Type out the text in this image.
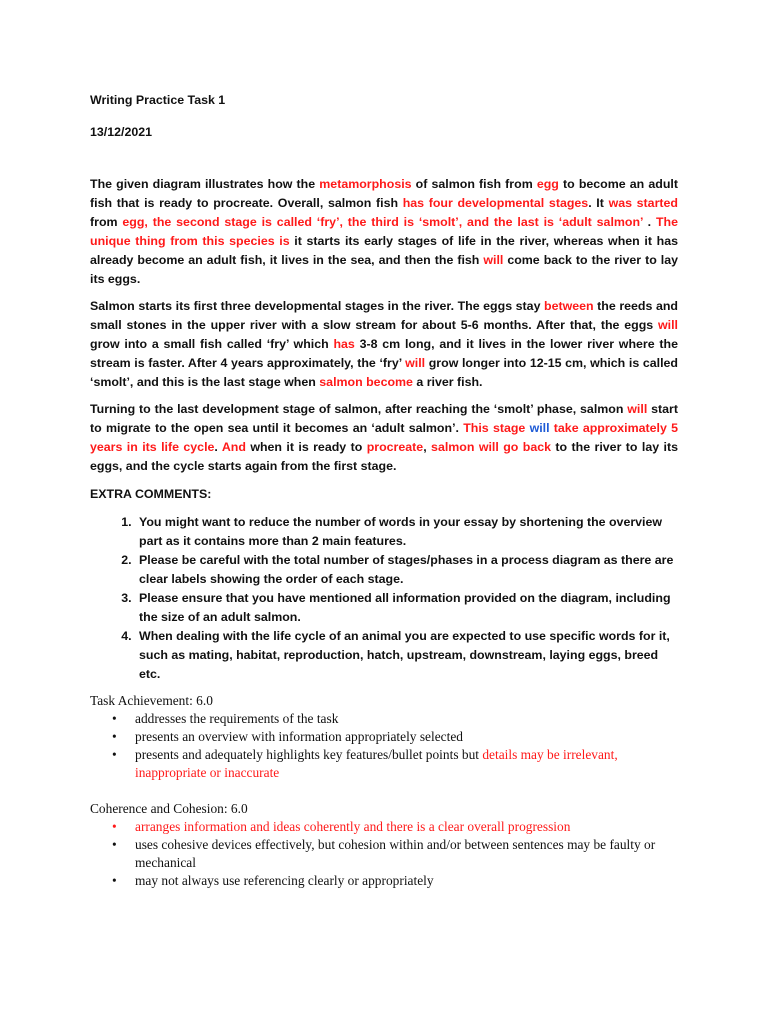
Writing Practice Task 1

13/12/2021

The given diagram illustrates how the metamorphosis of salmon fish from egg to become an adult fish that is ready to procreate. Overall, salmon fish has four developmental stages. It was started from egg, the second stage is called ‘fry’, the third is ‘smolt’, and the last is ‘adult salmon’ . The unique thing from this species is it starts its early stages of life in the river, whereas when it has already become an adult fish, it lives in the sea, and then the fish will come back to the river to lay its eggs.

Salmon starts its first three developmental stages in the river. The eggs stay between the reeds and small stones in the upper river with a slow stream for about 5-6 months. After that, the eggs will grow into a small fish called ‘fry’ which has 3-8 cm long, and it lives in the lower river where the stream is faster. After 4 years approximately, the ‘fry’ will grow longer into 12-15 cm, which is called ‘smolt’, and this is the last stage when salmon become a river fish.

Turning to the last development stage of salmon, after reaching the ‘smolt’ phase, salmon will start to migrate to the open sea until it becomes an ‘adult salmon’. This stage will take approximately 5 years in its life cycle. And when it is ready to procreate, salmon will go back to the river to lay its eggs, and the cycle starts again from the first stage.

EXTRA COMMENTS:

1. You might want to reduce the number of words in your essay by shortening the overview part as it contains more than 2 main features.
2. Please be careful with the total number of stages/phases in a process diagram as there are clear labels showing the order of each stage.
3. Please ensure that you have mentioned all information provided on the diagram, including the size of an adult salmon.
4. When dealing with the life cycle of an animal you are expected to use specific words for it, such as mating, habitat, reproduction, hatch, upstream, downstream, laying eggs, breed etc.

Task Achievement: 6.0

• addresses the requirements of the task
• presents an overview with information appropriately selected
• presents and adequately highlights key features/bullet points but details may be irrelevant, inappropriate or inaccurate

Coherence and Cohesion: 6.0

• arranges information and ideas coherently and there is a clear overall progression
• uses cohesive devices effectively, but cohesion within and/or between sentences may be faulty or mechanical
• may not always use referencing clearly or appropriately
